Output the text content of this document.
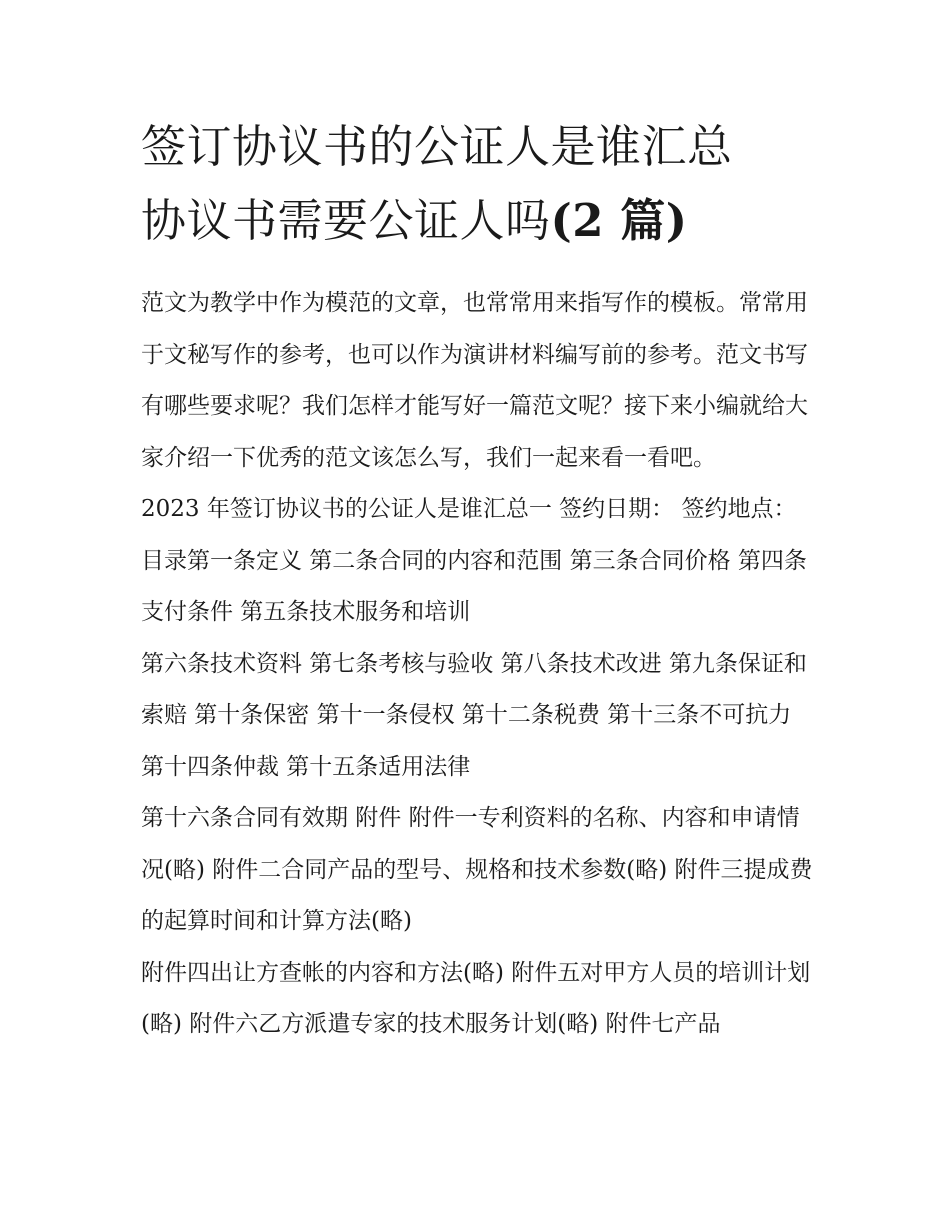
签订协议书的公证人是谁汇总
协议书需要公证人吗(2 篇)

范文为教学中作为模范的文章，也常常用来指写作的模板。常常用于文秘写作的参考，也可以作为演讲材料编写前的参考。范文书写有哪些要求呢？我们怎样才能写好一篇范文呢？接下来小编就给大家介绍一下优秀的范文该怎么写，我们一起来看一看吧。

2023 年签订协议书的公证人是谁汇总一 签约日期： 签约地点： 目录第一条定义 第二条合同的内容和范围 第三条合同价格 第四条支付条件 第五条技术服务和培训

第六条技术资料 第七条考核与验收 第八条技术改进 第九条保证和索赔 第十条保密 第十一条侵权 第十二条税费 第十三条不可抗力 第十四条仲裁 第十五条适用法律

第十六条合同有效期 附件 附件一专利资料的名称、内容和申请情况(略) 附件二合同产品的型号、规格和技术参数(略) 附件三提成费的起算时间和计算方法(略)

附件四出让方查帐的内容和方法(略) 附件五对甲方人员的培训计划(略) 附件六乙方派遣专家的技术服务计划(略) 附件七产品
